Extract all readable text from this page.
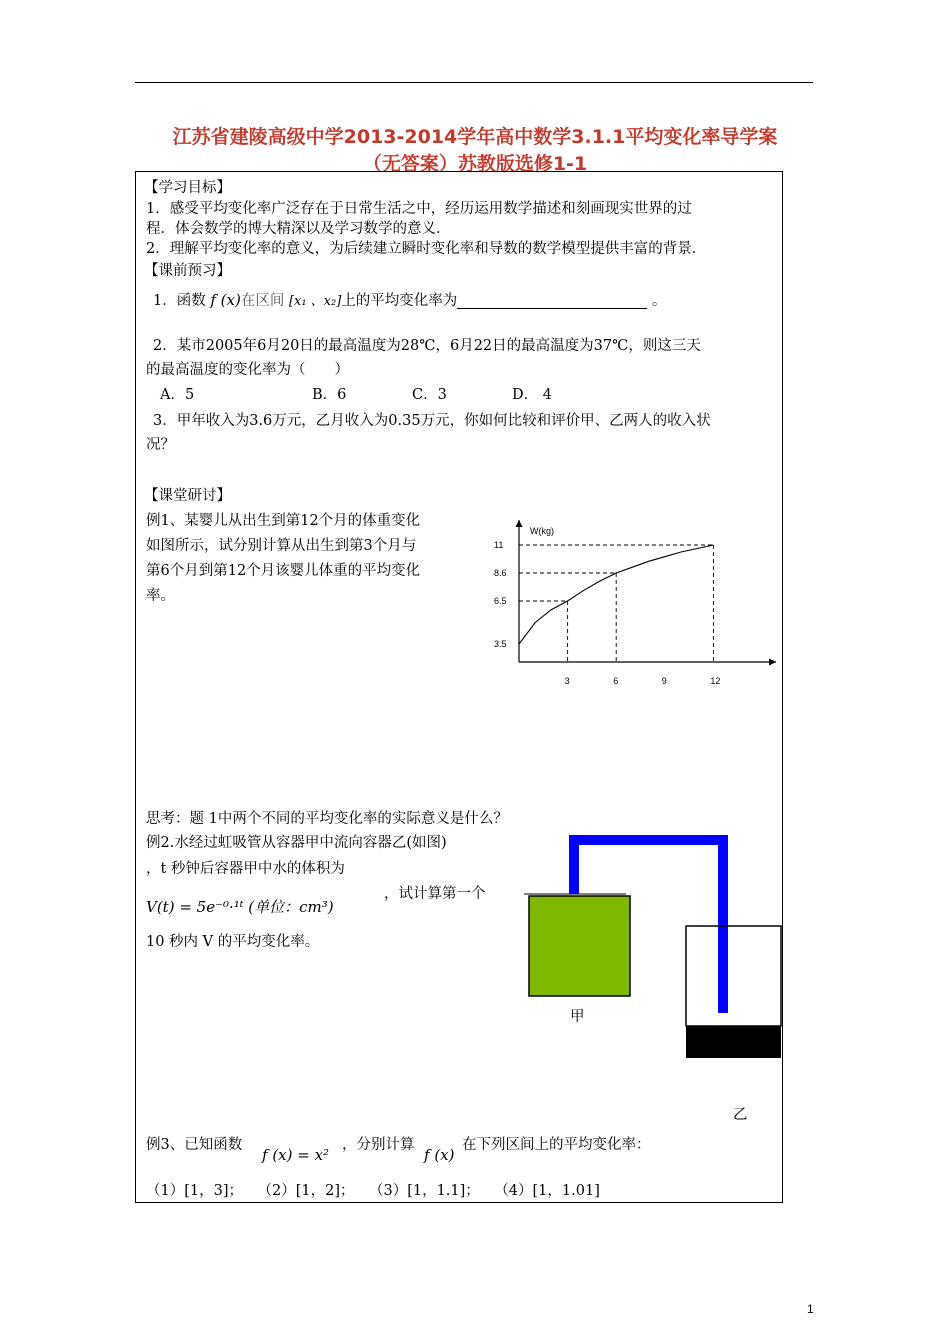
江苏省建陵高级中学2013-2014学年高中数学3.1.1平均变化率导学案
（无答案）苏教版选修1-1
【学习目标】
1．感受平均变化率广泛存在于日常生活之中，经历运用数学描述和刻画现实世界的过
程．体会数学的博大精深以及学习数学的意义．
2．理解平均变化率的意义，为后续建立瞬时变化率和导数的数学模型提供丰富的背景．
【课前预习】
1．函数 f (x)在区间 [x₁ 、x₂]上的平均变化率为	。
2．某市2005年6月20日的最高温度为28℃，6月22日的最高温度为37℃，则这三天
的最高温度的变化率为（　　）
A．5	B．6	C．3	D． 4
3．甲年收入为3.6万元，乙月收入为0.35万元，你如何比较和评价甲、乙两人的收入状
况？
【课堂研讨】
例1、某婴儿从出生到第12个月的体重变化
如图所示，试分别计算从出生到第3个月与
第6个月到第12个月该婴儿体重的平均变化
率。
W(kg)
3.5
6.5
8.6
11
3	6	9	12
思考：题 1中两个不同的平均变化率的实际意义是什么？
例2.水经过虹吸管从容器甲中流向容器乙(如图)
，t 秒钟后容器甲中水的体积为
V(t) = 5e⁻⁰·¹ᵗ (单位：cm³)
，试计算第一个
10 秒内 V 的平均变化率。
甲
乙
例3、已知函数
f (x) = x²
，分别计算
f (x)
在下列区间上的平均变化率：
（1）[1，3]；　　（2）[1，2]；　　（3）[1，1.1]；　　（4）[1，1.01]
1
